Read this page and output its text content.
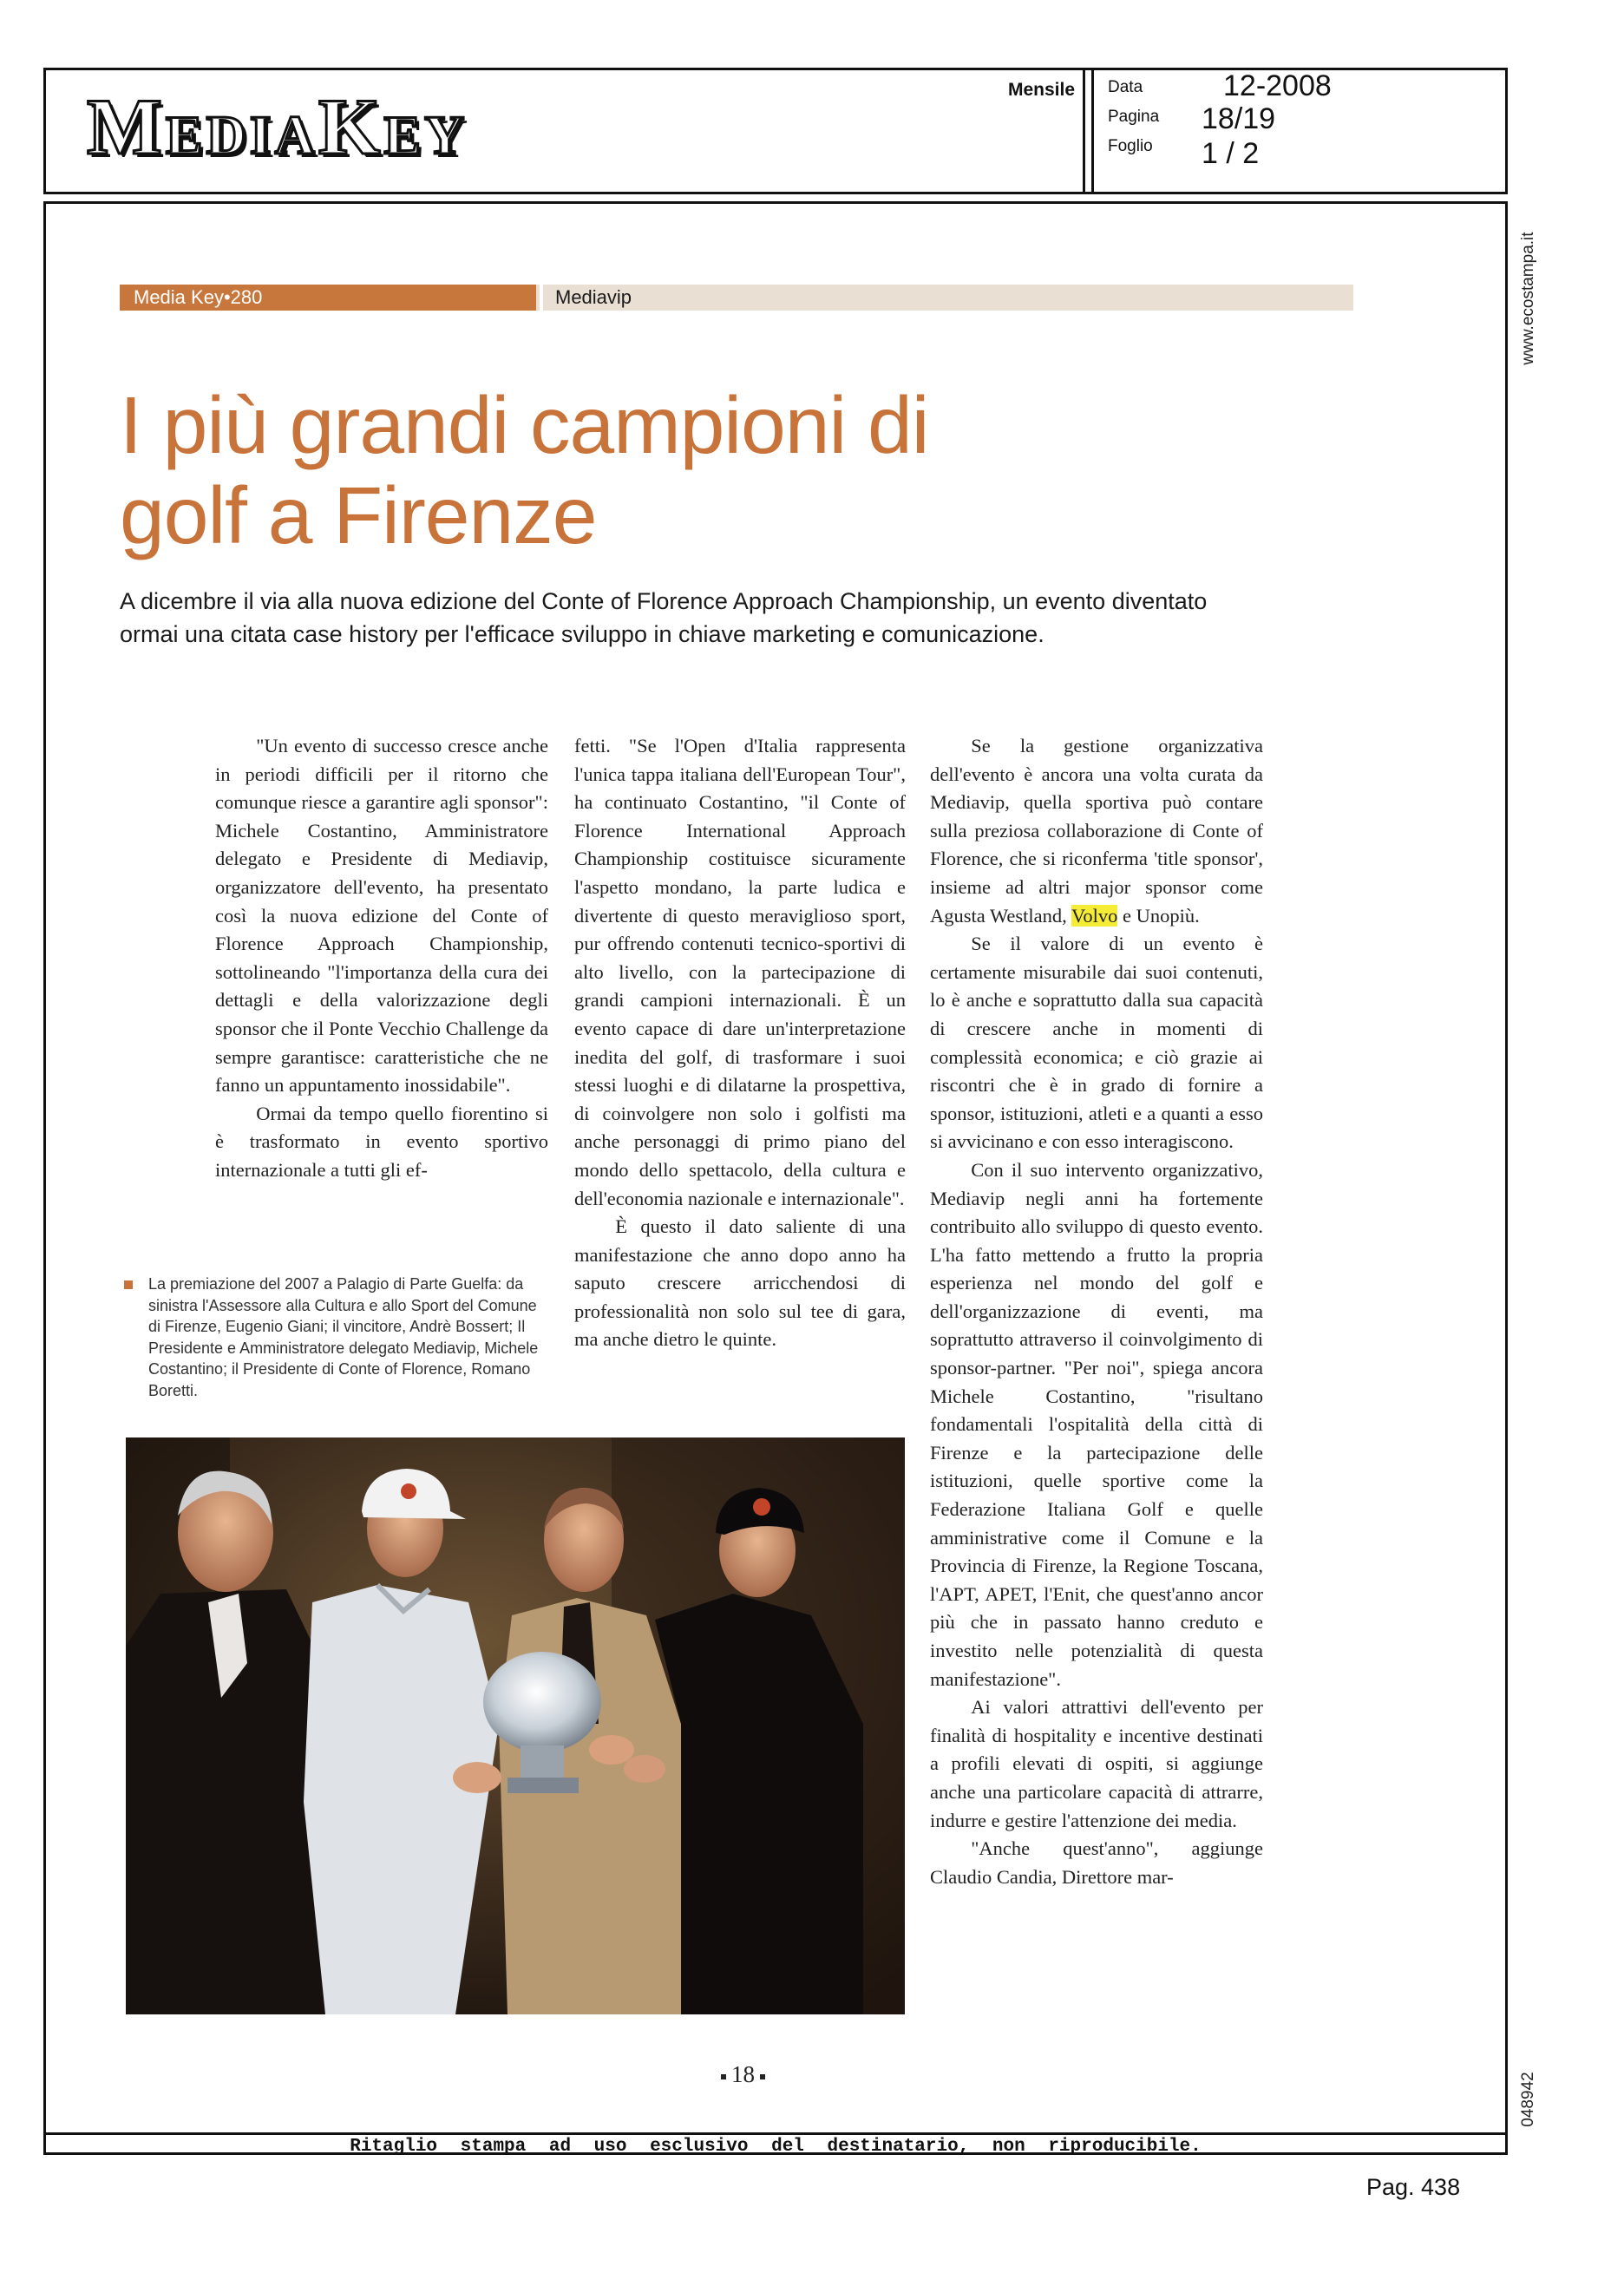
MediaKey	Mensile Data
Pagina
Foglio
12-2008
18/19
1 / 2
Ritaglio stampa ad uso esclusivo del destinatario, non riproducibile.
www.ecostampa.it
048942
Pag. 438
Media Key•280	Mediavip
I più grandi campioni di
golf a Firenze
A dicembre il via alla nuova edizione del Conte of Florence Approach Championship, un evento diventato ormai una citata case history per l'efficace sviluppo in chiave marketing e comunicazione.

"Un evento di successo cresce anche in periodi difficili per il ritorno che comunque riesce a garantire agli sponsor": Michele Costantino, Amministratore delegato e Presidente di Mediavip, organizzatore dell'evento, ha presentato così la nuova edizione del Conte of Florence Approach Championship, sottolineando "l'importanza della cura dei dettagli e della valorizzazione degli sponsor che il Ponte Vecchio Challenge da sempre garantisce: caratteristiche che ne fanno un appuntamento inossidabile".

Ormai da tempo quello fiorentino si è trasformato in evento sportivo internazionale a tutti gli ef-

fetti. "Se l'Open d'Italia rappresenta l'unica tappa italiana dell'European Tour", ha continuato Costantino, "il Conte of Florence International Approach Championship costituisce sicuramente l'aspetto mondano, la parte ludica e divertente di questo meraviglioso sport, pur offrendo contenuti tecnico-sportivi di alto livello, con la partecipazione di grandi campioni internazionali. È un evento capace di dare un'interpretazione inedita del golf, di trasformare i suoi stessi luoghi e di dilatarne la prospettiva, di coinvolgere non solo i golfisti ma anche personaggi di primo piano del mondo dello spettacolo, della cultura e dell'economia nazionale e internazionale".

È questo il dato saliente di una manifestazione che anno dopo anno ha saputo crescere arricchendosi di professionalità non solo sul tee di gara, ma anche dietro le quinte.

Se la gestione organizzativa dell'evento è ancora una volta curata da Mediavip, quella sportiva può contare sulla preziosa collaborazione di Conte of Florence, che si riconferma 'title sponsor', insieme ad altri major sponsor come Agusta Westland, Volvo e Unopiù.

Se il valore di un evento è certamente misurabile dai suoi contenuti, lo è anche e soprattutto dalla sua capacità di crescere anche in momenti di complessità economica; e ciò grazie ai riscontri che è in grado di fornire a sponsor, istituzioni, atleti e a quanti a esso si avvicinano e con esso interagiscono.

Con il suo intervento organizzativo, Mediavip negli anni ha fortemente contribuito allo sviluppo di questo evento. L'ha fatto mettendo a frutto la propria esperienza nel mondo del golf e dell'organizzazione di eventi, ma soprattutto attraverso il coinvolgimento di sponsor-partner. "Per noi", spiega ancora Michele Costantino, "risultano fondamentali l'ospitalità della città di Firenze e la partecipazione delle istituzioni, quelle sportive come la Federazione Italiana Golf e quelle amministrative come il Comune e la Provincia di Firenze, la Regione Toscana, l'APT, APET, l'Enit, che quest'anno ancor più che in passato hanno creduto e investito nelle potenzialità di questa manifestazione".

Ai valori attrattivi dell'evento per finalità di hospitality e incentive destinati a profili elevati di ospiti, si aggiunge anche una particolare capacità di attrarre, indurre e gestire l'attenzione dei media.

"Anche quest'anno", aggiunge Claudio Candia, Direttore mar-

La premiazione del 2007 a Palagio di Parte Guelfa: da sinistra l'Assessore alla Cultura e allo Sport del Comune di Firenze, Eugenio Giani; il vincitore, Andrè Bossert; Il Presidente e Amministratore delegato Mediavip, Michele Costantino; il Presidente di Conte of Florence, Romano Boretti.
18
